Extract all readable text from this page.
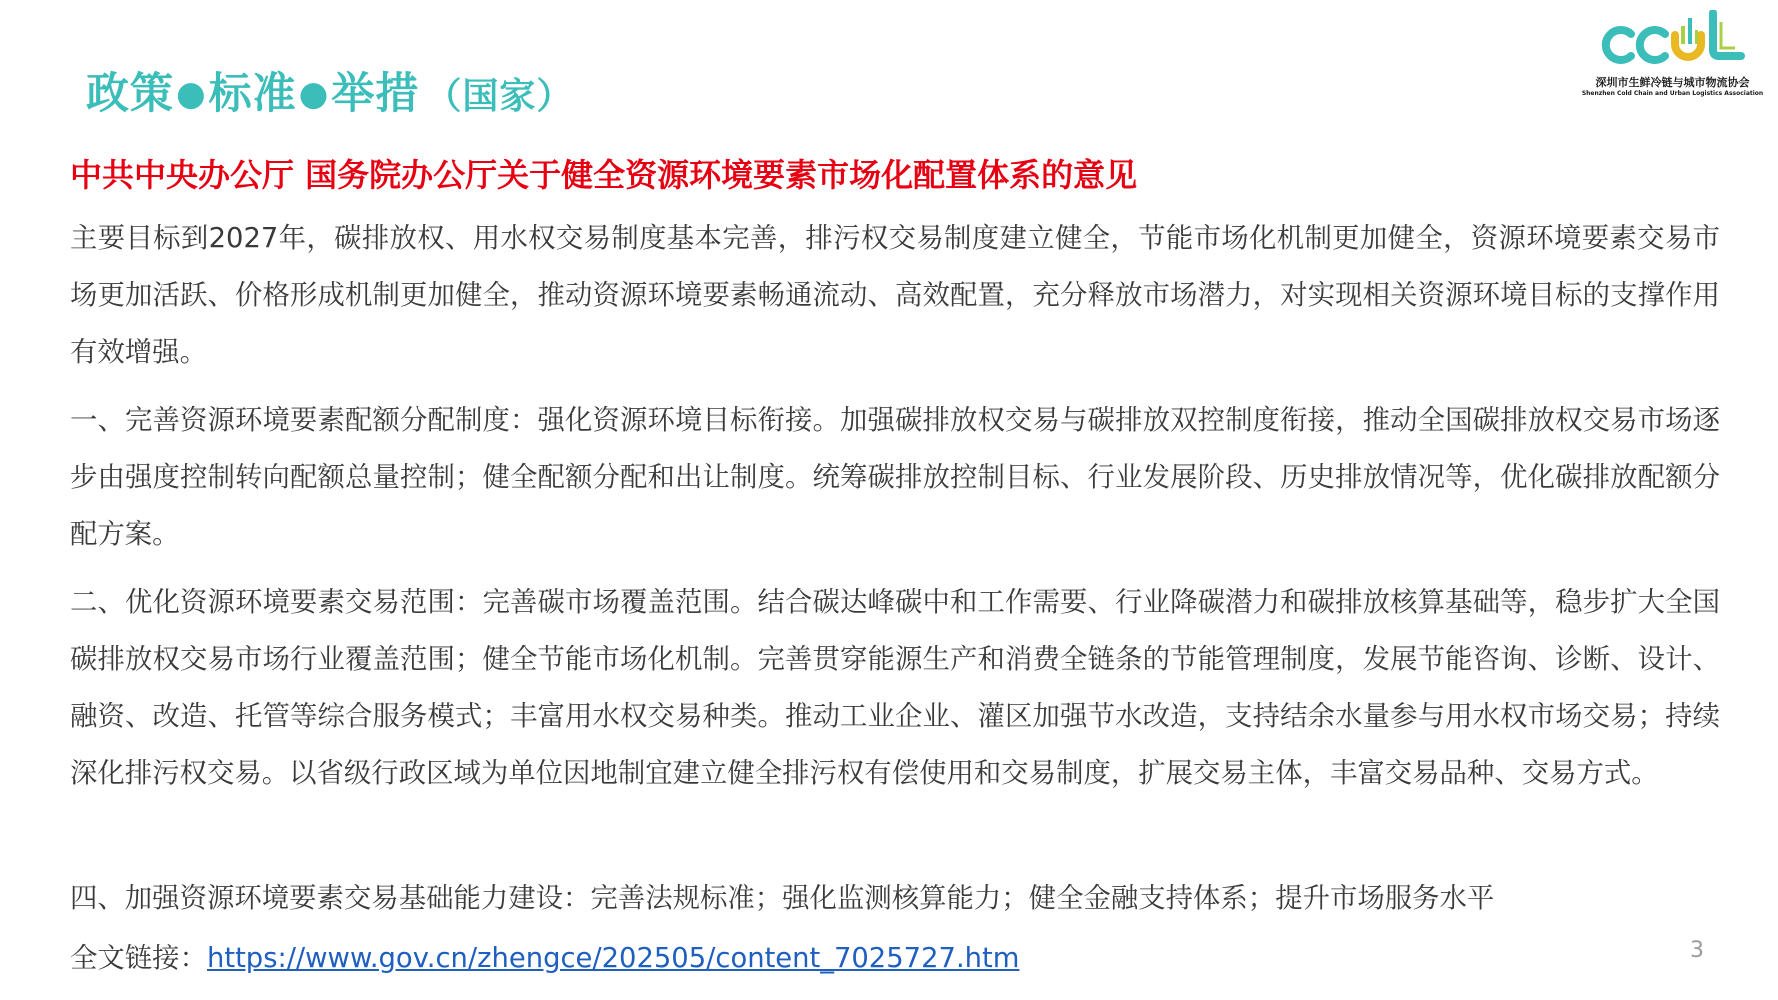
政策●标准●举措 （国家）	深圳市生鲜冷链与城市物流协会
Shenzhen Cold Chain and Urban Logistics Association
中共中央办公厅 国务院办公厅关于健全资源环境要素市场化配置体系的意见

主要目标到2027年，碳排放权、用水权交易制度基本完善，排污权交易制度建立健全，节能市场化机制更加健全，资源环境要素交易市场更加活跃、价格形成机制更加健全，推动资源环境要素畅通流动、高效配置，充分释放市场潜力，对实现相关资源环境目标的支撑作用有效增强。

一、完善资源环境要素配额分配制度：强化资源环境目标衔接。加强碳排放权交易与碳排放双控制度衔接，推动全国碳排放权交易市场逐步由强度控制转向配额总量控制；健全配额分配和出让制度。统筹碳排放控制目标、行业发展阶段、历史排放情况等，优化碳排放配额分配方案。

二、优化资源环境要素交易范围：完善碳市场覆盖范围。结合碳达峰碳中和工作需要、行业降碳潜力和碳排放核算基础等，稳步扩大全国碳排放权交易市场行业覆盖范围；健全节能市场化机制。完善贯穿能源生产和消费全链条的节能管理制度，发展节能咨询、诊断、设计、融资、改造、托管等综合服务模式；丰富用水权交易种类。推动工业企业、灌区加强节水改造，支持结余水量参与用水权市场交易；持续深化排污权交易。以省级行政区域为单位因地制宜建立健全排污权有偿使用和交易制度，扩展交易主体，丰富交易品种、交易方式。

四、加强资源环境要素交易基础能力建设：完善法规标准；强化监测核算能力；健全金融支持体系；提升市场服务水平

全文链接：https://www.gov.cn/zhengce/202505/content_7025727.htm	3
